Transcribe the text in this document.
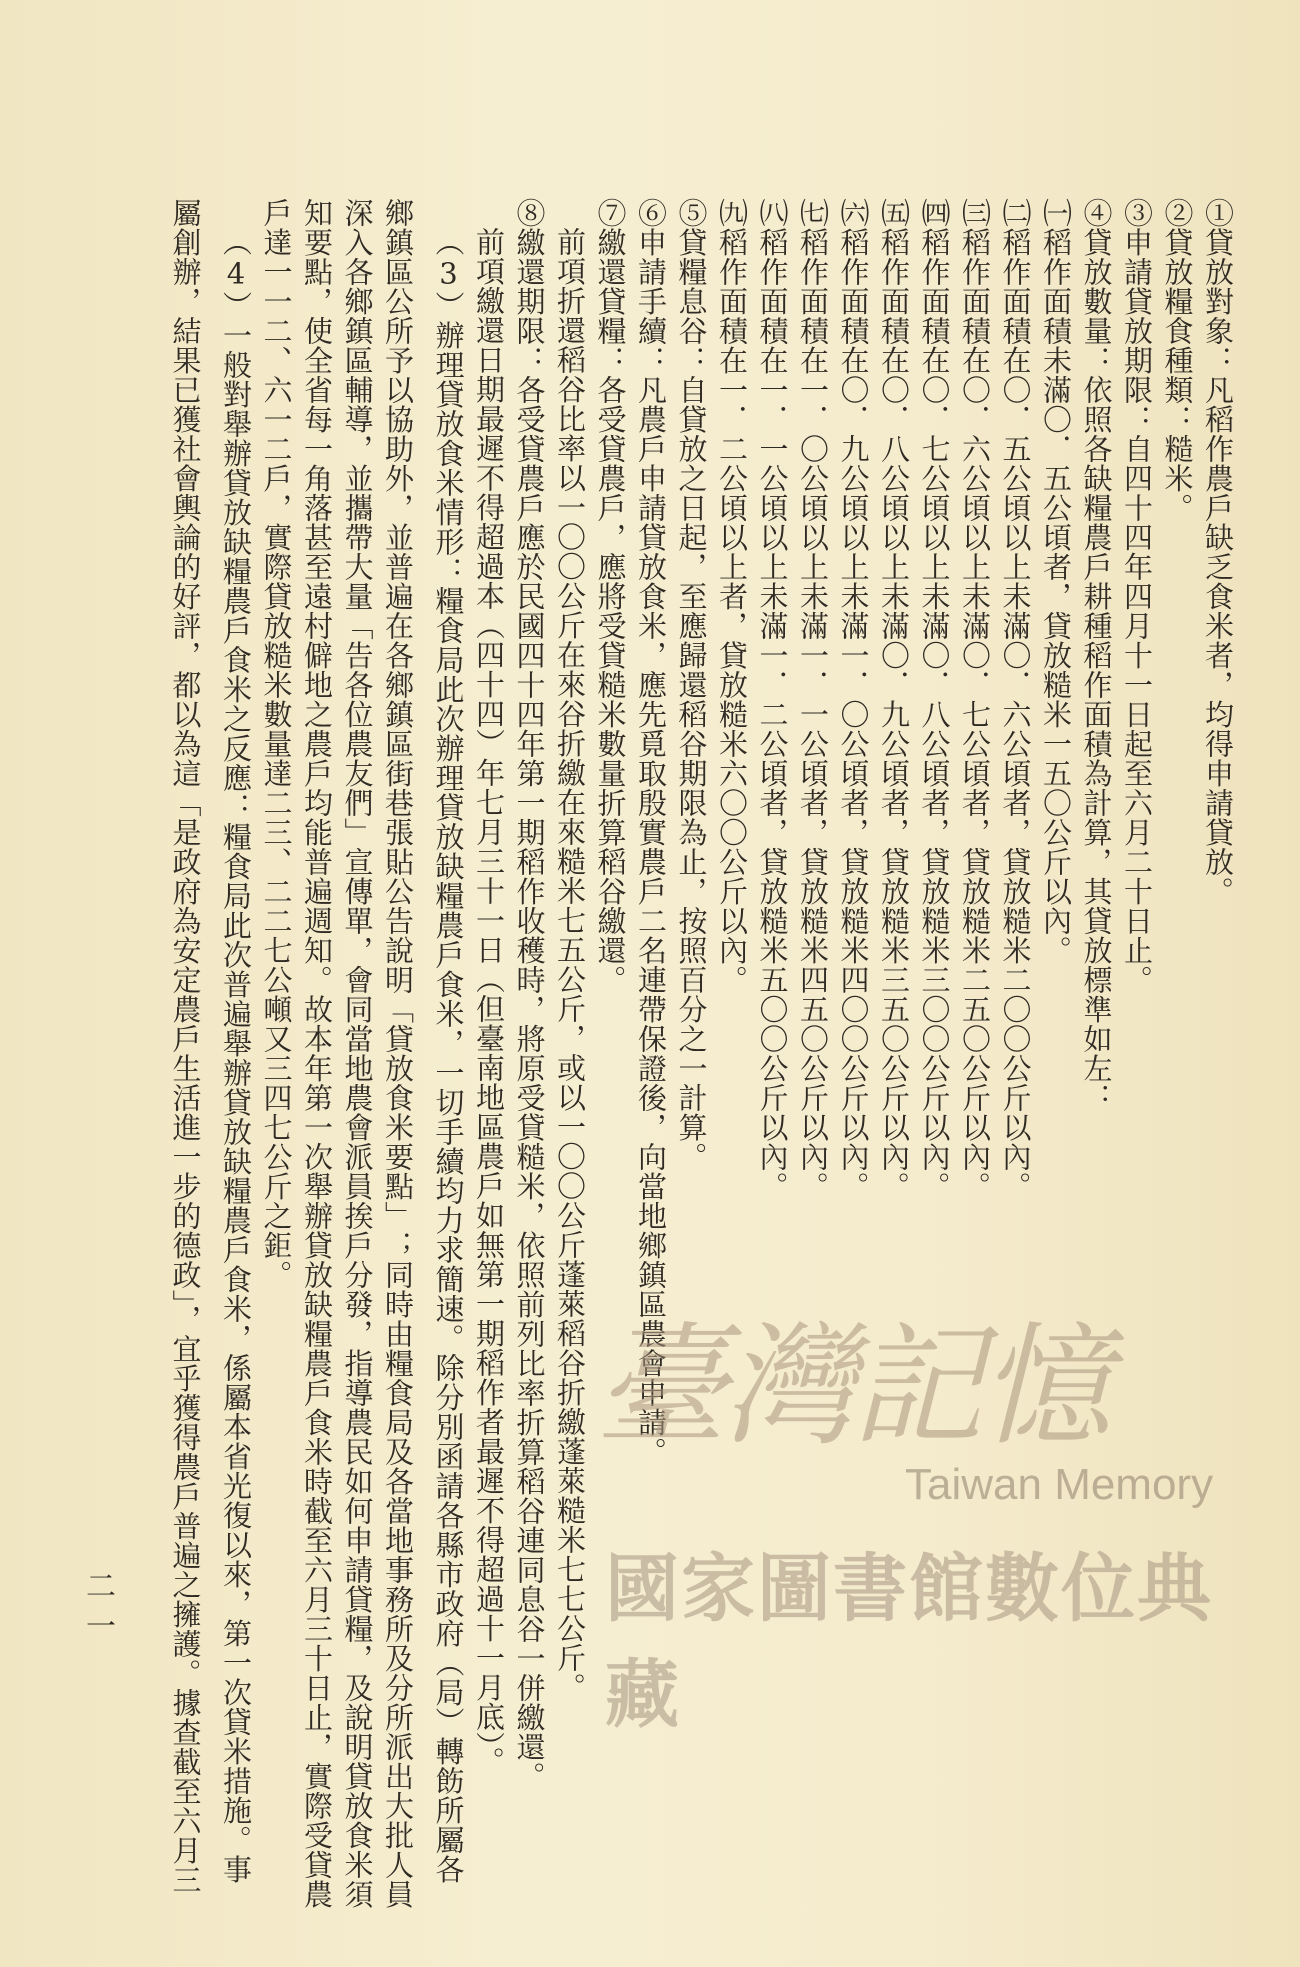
①貸放對象：凡稻作農戶缺乏食米者，均得申請貸放。
②貸放糧食種類：糙米。
③申請貸放期限：自四十四年四月十一日起至六月二十日止。
④貸放數量：依照各缺糧農戶耕種稻作面積為計算，其貸放標準如左：
㈠稻作面積未滿〇．五公頃者，貸放糙米一五〇公斤以內。
㈡稻作面積在〇．五公頃以上未滿〇．六公頃者，貸放糙米二〇〇公斤以內。
㈢稻作面積在〇．六公頃以上未滿〇．七公頃者，貸放糙米二五〇公斤以內。
㈣稻作面積在〇．七公頃以上未滿〇．八公頃者，貸放糙米三〇〇公斤以內。
㈤稻作面積在〇．八公頃以上未滿〇．九公頃者，貸放糙米三五〇公斤以內。
㈥稻作面積在〇．九公頃以上未滿一．〇公頃者，貸放糙米四〇〇公斤以內。
㈦稻作面積在一．〇公頃以上未滿一．一公頃者，貸放糙米四五〇公斤以內。
㈧稻作面積在一．一公頃以上未滿一．二公頃者，貸放糙米五〇〇公斤以內。
㈨稻作面積在一．二公頃以上者，貸放糙米六〇〇公斤以內。
⑤貸糧息谷：自貸放之日起，至應歸還稻谷期限為止，按照百分之一計算。
⑥申請手續：凡農戶申請貸放食米，應先覓取殷實農戶二名連帶保證後，向當地鄉鎮區農會申請。
⑦繳還貸糧：各受貸農戶，應將受貸糙米數量折算稻谷繳還。
前項折還稻谷比率以一〇〇公斤在來谷折繳在來糙米七五公斤，或以一〇〇公斤蓬萊稻谷折繳蓬萊糙米七七公斤。
⑧繳還期限：各受貸農戶應於民國四十四年第一期稻作收穫時，將原受貸糙米，依照前列比率折算稻谷連同息谷一併繳還。
前項繳還日期最遲不得超過本（四十四）年七月三十一日（但臺南地區農戶如無第一期稻作者最遲不得超過十一月底）。
（3）辦理貸放食米情形：糧食局此次辦理貸放缺糧農戶食米，一切手續均力求簡速。除分別函請各縣市政府（局）轉飭所屬各
鄉鎮區公所予以協助外，並普遍在各鄉鎮區街巷張貼公告說明「貸放食米要點」；同時由糧食局及各當地事務所及分所派出大批人員
深入各鄉鎮區輔導，並攜帶大量「告各位農友們」宣傳單，會同當地農會派員挨戶分發，指導農民如何申請貸糧，及說明貸放食米須
知要點，使全省每一角落甚至遠村僻地之農戶均能普遍週知。故本年第一次舉辦貸放缺糧農戶食米時截至六月三十日止，實際受貸農
戶達一一二、六一二戶，實際貸放糙米數量達二三、二二七公噸又三四七公斤之鉅。
（4）一般對舉辦貸放缺糧農戶食米之反應：糧食局此次普遍舉辦貸放缺糧農戶食米，係屬本省光復以來，第一次貸米措施。事
屬創辦，結果已獲社會輿論的好評，都以為這「是政府為安定農戶生活進一步的德政」，宜乎獲得農戶普遍之擁護。據查截至六月三
二一
臺灣記憶
Taiwan Memory
國家圖書館數位典藏
